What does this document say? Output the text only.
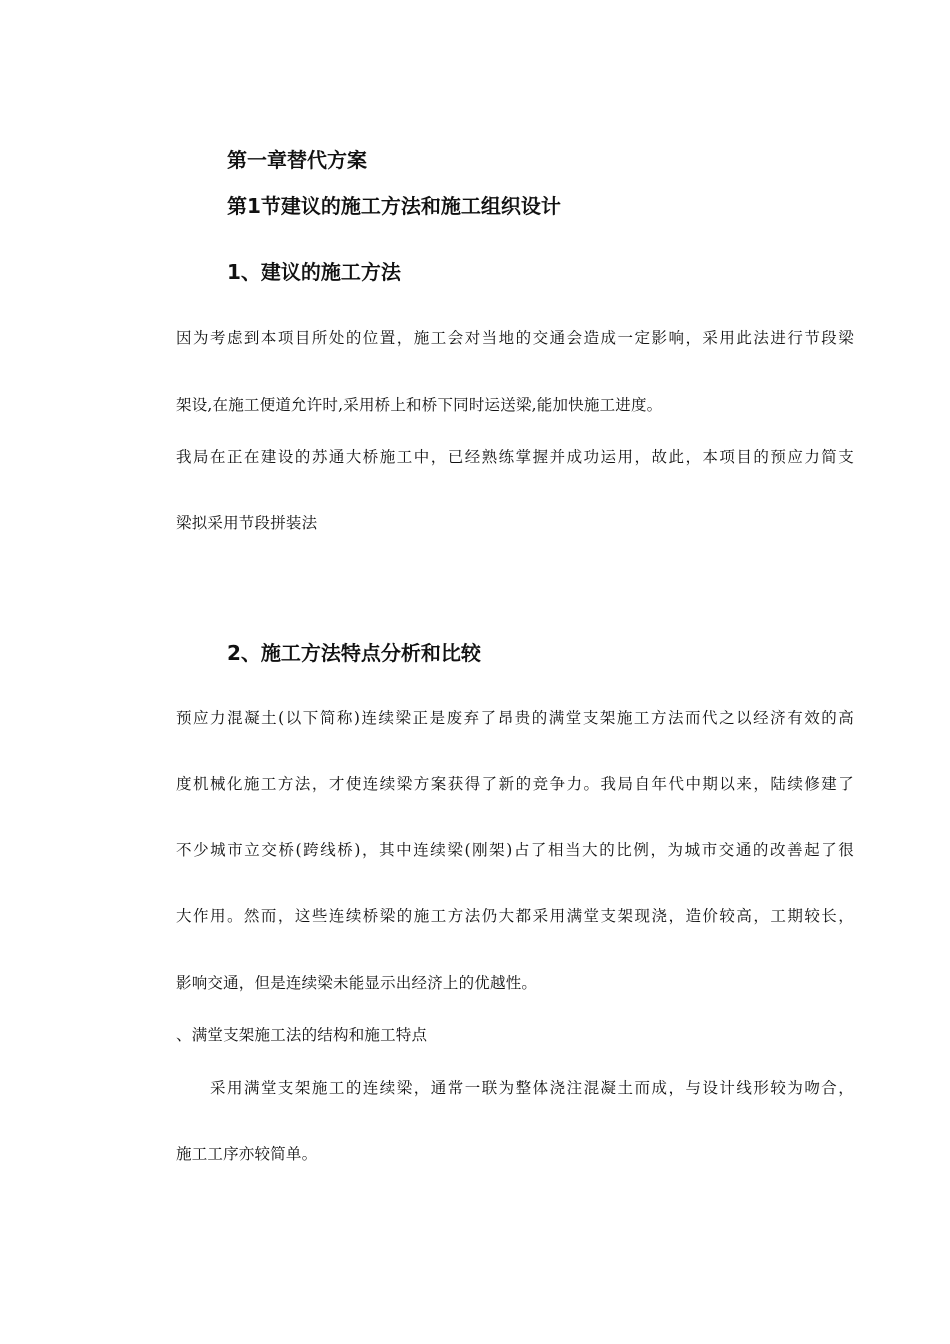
第一章替代方案
第1节建议的施工方法和施工组织设计
1、建议的施工方法
因为考虑到本项目所处的位置，施工会对当地的交通会造成一定影响，采用此法进行节段梁
架设,在施工便道允许时,采用桥上和桥下同时运送梁,能加快施工进度。
我局在正在建设的苏通大桥施工中，已经熟练掌握并成功运用，故此，本项目的预应力简支
梁拟采用节段拼装法
2、施工方法特点分析和比较
预应力混凝土(以下简称)连续梁正是废弃了昂贵的满堂支架施工方法而代之以经济有效的高
度机械化施工方法，才使连续梁方案获得了新的竞争力。我局自年代中期以来，陆续修建了
不少城市立交桥(跨线桥)，其中连续梁(刚架)占了相当大的比例，为城市交通的改善起了很
大作用。然而，这些连续桥梁的施工方法仍大都采用满堂支架现浇，造价较高，工期较长，
影响交通，但是连续梁未能显示出经济上的优越性。
、满堂支架施工法的结构和施工特点
采用满堂支架施工的连续梁，通常一联为整体浇注混凝土而成，与设计线形较为吻合，
施工工序亦较简单。
